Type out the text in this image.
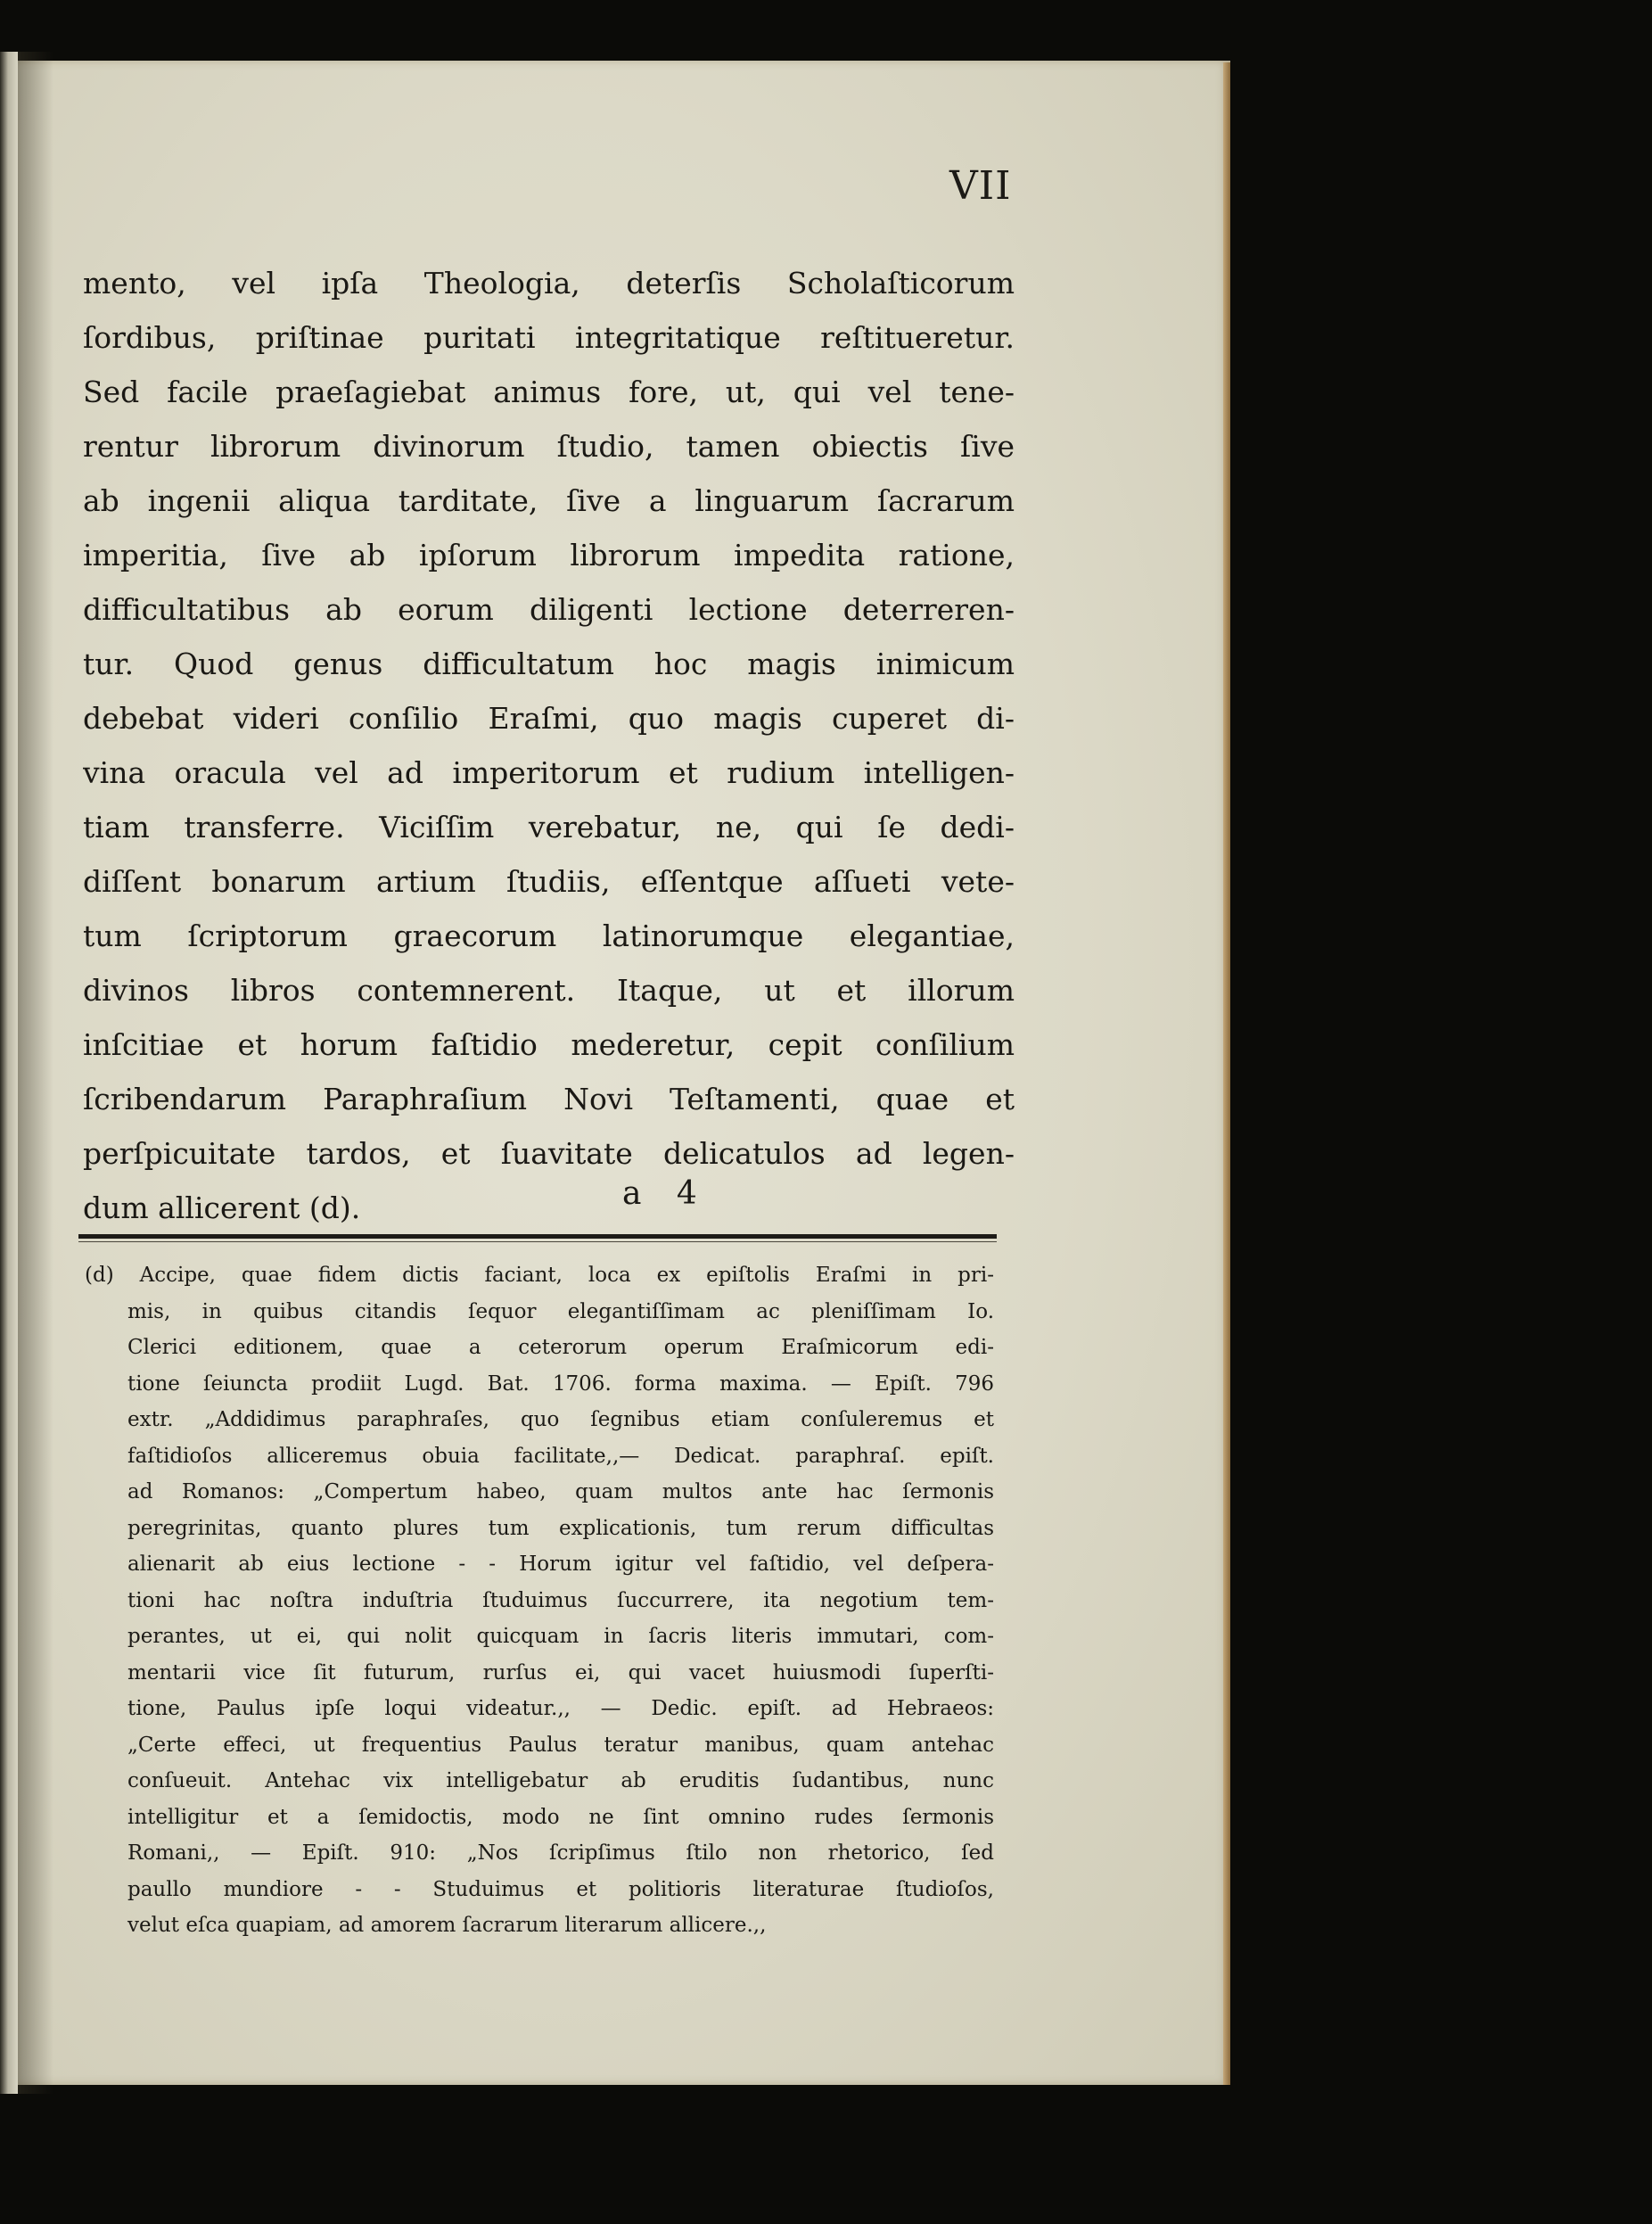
VII
mento, vel ipſa Theologia, deterſis Scholaſticorum
ſordibus, priſtinae puritati integritatique reſtitueretur.
Sed facile praeſagiebat animus fore, ut, qui vel tene-
rentur librorum divinorum ſtudio, tamen obiectis ſive
ab ingenii aliqua tarditate, ſive a linguarum ſacrarum
imperitia, ſive ab ipſorum librorum impedita ratione,
difficultatibus ab eorum diligenti lectione deterreren-
tur. Quod genus difficultatum hoc magis inimicum
debebat videri conſilio Eraſmi, quo magis cuperet di-
vina oracula vel ad imperitorum et rudium intelligen-
tiam transferre. Viciſſim verebatur, ne, qui ſe dedi-
diſſent bonarum artium ſtudiis, eſſentque aſſueti vete-
tum ſcriptorum graecorum latinorumque elegantiae,
divinos libros contemnerent. Itaque, ut et illorum
inſcitiae et horum faſtidio mederetur, cepit conſilium
ſcribendarum Paraphraſium Novi Teſtamenti, quae et
perſpicuitate tardos, et ſuavitate delicatulos ad legen-
dum allicerent (d).	a 4
(d) Accipe, quae fidem dictis faciant, loca ex epiſtolis Eraſmi in pri-
mis, in quibus citandis ſequor elegantiſſimam ac pleniſſimam Io.
Clerici editionem, quae a ceterorum operum Eraſmicorum edi-
tione ſeiuncta prodiit Lugd. Bat. 1706. forma maxima. — Epiſt. 796
extr. „Addidimus paraphraſes, quo ſegnibus etiam conſuleremus et
faſtidioſos alliceremus obuia facilitate,,— Dedicat. paraphraſ. epiſt.
ad Romanos: „Compertum habeo, quam multos ante hac ſermonis
peregrinitas, quanto plures tum explicationis, tum rerum difficultas
alienarit ab eius lectione - - Horum igitur vel faſtidio, vel deſpera-
tioni hac noſtra induſtria ſtuduimus ſuccurrere, ita negotium tem-
perantes, ut ei, qui nolit quicquam in ſacris literis immutari, com-
mentarii vice ſit futurum, rurſus ei, qui vacet huiusmodi ſuperſti-
tione, Paulus ipſe loqui videatur.,, — Dedic. epiſt. ad Hebraeos:
„Certe effeci, ut frequentius Paulus teratur manibus, quam antehac
conſueuit. Antehac vix intelligebatur ab eruditis ſudantibus, nunc
intelligitur et a ſemidoctis, modo ne ſint omnino rudes ſermonis
Romani,, — Epiſt. 910: „Nos ſcripſimus ſtilo non rhetorico, ſed
paullo mundiore - - Studuimus et politioris literaturae ſtudioſos,
velut eſca quapiam, ad amorem ſacrarum literarum allicere.,,
